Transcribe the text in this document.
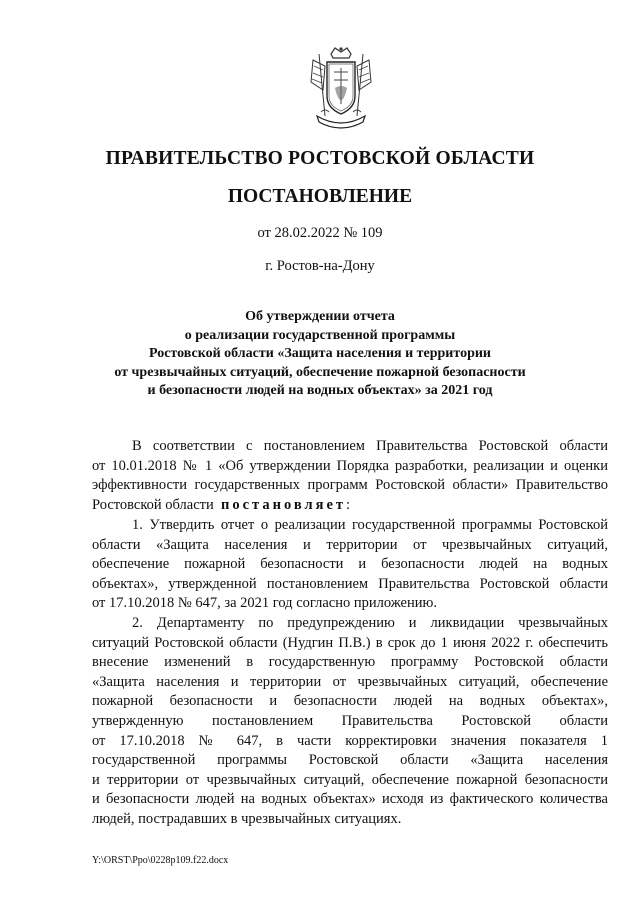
ПРАВИТЕЛЬСТВО РОСТОВСКОЙ ОБЛАСТИ
ПОСТАНОВЛЕНИЕ
от 28.02.2022 № 109
г. Ростов-на-Дону
Об утверждении отчета
о реализации государственной программы
Ростовской области «Защита населения и территории
от чрезвычайных ситуаций, обеспечение пожарной безопасности
и безопасности людей на водных объектах» за 2021 год
В соответствии с постановлением Правительства Ростовской области
от 10.01.2018 № 1 «Об утверждении Порядка разработки, реализации и оценки
эффективности государственных программ Ростовской области» Правительство
Ростовской области постановляет:
1. Утвердить отчет о реализации государственной программы Ростовской
области «Защита населения и территории от чрезвычайных ситуаций,
обеспечение пожарной безопасности и безопасности людей на водных
объектах», утвержденной постановлением Правительства Ростовской области
от 17.10.2018 № 647, за 2021 год согласно приложению.
2. Департаменту по предупреждению и ликвидации чрезвычайных
ситуаций Ростовской области (Нудгин П.В.) в срок до 1 июня 2022 г. обеспечить
внесение изменений в государственную программу Ростовской области
«Защита населения и территории от чрезвычайных ситуаций, обеспечение
пожарной безопасности и безопасности людей на водных объектах»,
утвержденную постановлением Правительства Ростовской области
от 17.10.2018 № 647, в части корректировки значения показателя 1
государственной программы Ростовской области «Защита населения
и территории от чрезвычайных ситуаций, обеспечение пожарной безопасности
и безопасности людей на водных объектах» исходя из фактического количества
людей, пострадавших в чрезвычайных ситуациях.
Y:\ORST\Ppo\0228p109.f22.docx
